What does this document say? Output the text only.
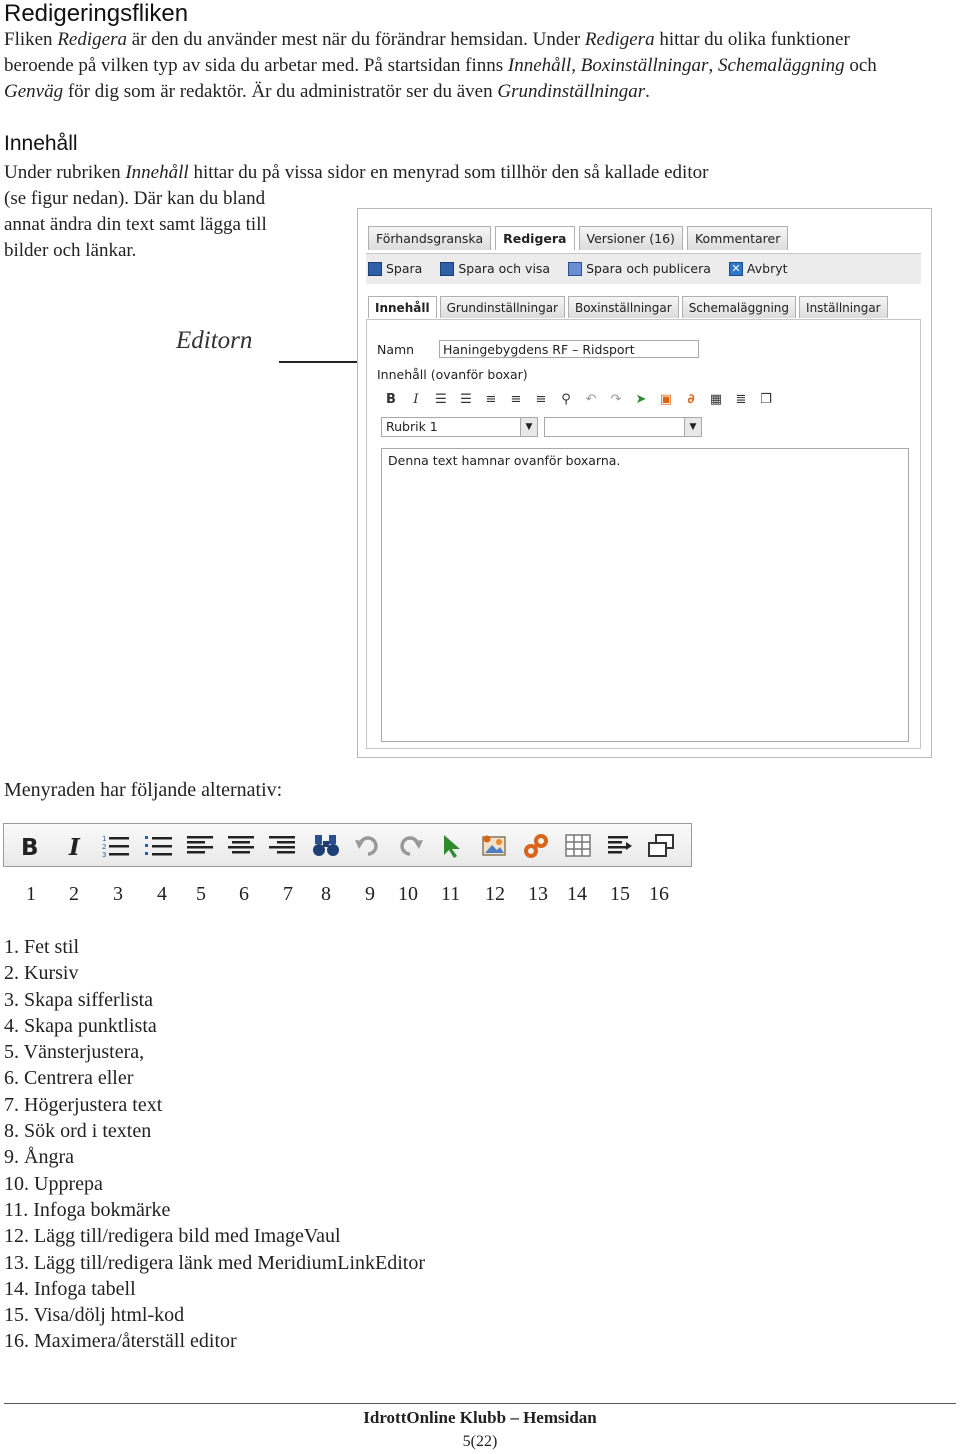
Redigeringsfliken
Fliken Redigera är den du använder mest när du förändrar hemsidan. Under Redigera hittar du olika funktioner beroende på vilken typ av sida du arbetar med. På startsidan finns Innehåll, Boxinställningar, Schemaläggning och Genväg för dig som är redaktör. Är du administratör ser du även Grundinställningar.
Innehåll
Under rubriken Innehåll hittar du på vissa sidor en menyrad som tillhör den så kallade editor
(se figur nedan). Där kan du bland
annat ändra din text samt lägga till
bilder och länkar.
Editorn
Förhandsgranska	Redigera	Versioner (16)	Kommentarer
Spara	Spara och visa	Spara och publicera ✕ Avbryt
Innehåll	Grundinställningar	Boxinställningar	Schemaläggning	Inställningar
Namn	Haningebygdens RF – Ridsport
Innehåll (ovanför boxar)
B	I	☰	☰	≡	≡	≡	⚲	↶	↷	➤	▣	∂	▦	≣	❐
Rubrik 1	▼	▼
Denna text hamnar ovanför boxarna.
Menyraden har följande alternativ:
B I	1
2
3
1 2 3 4 5 6 7 8 9 10 11 12 13 14 15 16
1. Fet stil
2. Kursiv
3. Skapa sifferlista
4. Skapa punktlista
5. Vänsterjustera,
6. Centrera eller
7. Högerjustera text
8. Sök ord i texten
9. Ångra
10. Upprepa
11. Infoga bokmärke
12. Lägg till/redigera bild med ImageVaul
13. Lägg till/redigera länk med MeridiumLinkEditor
14. Infoga tabell
15. Visa/dölj html-kod
16. Maximera/återställ editor
IdrottOnline Klubb – Hemsidan
5(22)
